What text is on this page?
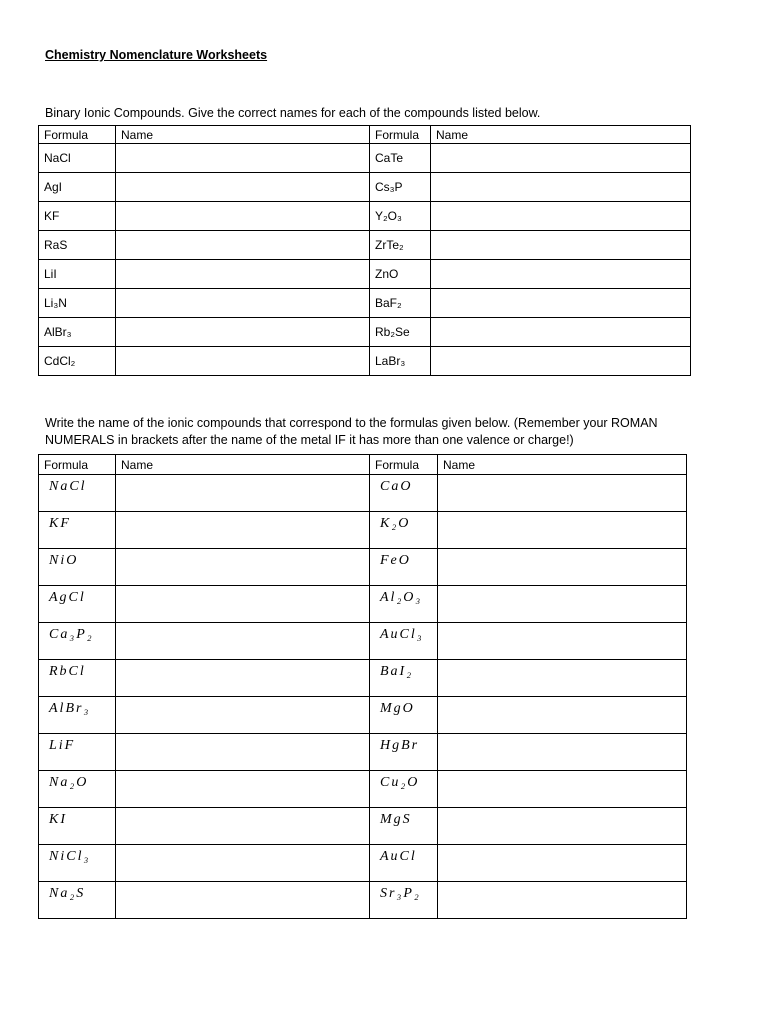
Chemistry Nomenclature Worksheets
Binary Ionic Compounds. Give the correct names for each of the compounds listed below.
Formula	Name	Formula	Name
NaCl		CaTe	
AgI		Cs₃P	
KF		Y₂O₃	
RaS		ZrTe₂	
LiI		ZnO	
Li₃N		BaF₂	
AlBr₃		Rb₂Se	
CdCl₂		LaBr₃	
Write the name of the ionic compounds that correspond to the formulas given below. (Remember your ROMAN NUMERALS in brackets after the name of the metal IF it has more than one valence or charge!)
Formula	Name	Formula	Name
NaCl		CaO	
KF		K₂O	
NiO		FeO	
AgCl		Al₂O₃	
Ca₃P₂		AuCl₃	
RbCl		BaI₂	
AlBr₃		MgO	
LiF		HgBr	
Na₂O		Cu₂O	
KI		MgS	
NiCl₃		AuCl	
Na₂S		Sr₃P₂	
